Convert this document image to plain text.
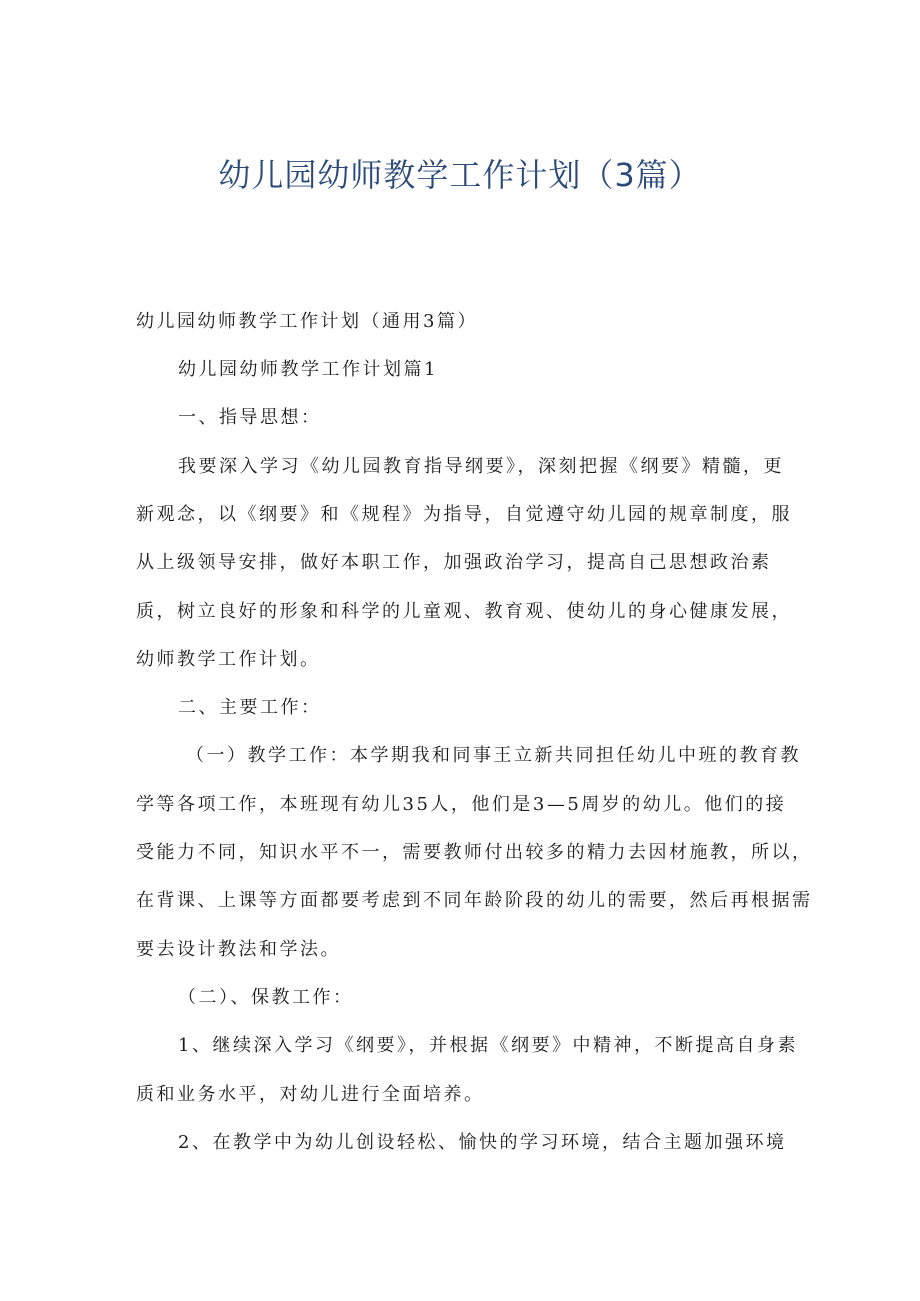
幼儿园幼师教学工作计划（3篇）
幼儿园幼师教学工作计划（通用3篇）
幼儿园幼师教学工作计划篇1
一、指导思想：
我要深入学习《幼儿园教育指导纲要》，深刻把握《纲要》精髓，更
新观念，以《纲要》和《规程》为指导，自觉遵守幼儿园的规章制度，服
从上级领导安排，做好本职工作，加强政治学习，提高自己思想政治素
质，树立良好的形象和科学的儿童观、教育观、使幼儿的身心健康发展，
幼师教学工作计划。
二、主要工作：
（一）教学工作：本学期我和同事王立新共同担任幼儿中班的教育教
学等各项工作，本班现有幼儿35人，他们是3—5周岁的幼儿。他们的接
受能力不同，知识水平不一，需要教师付出较多的精力去因材施教，所以，
在背课、上课等方面都要考虑到不同年龄阶段的幼儿的需要，然后再根据需
要去设计教法和学法。
（二）、保教工作：
1、继续深入学习《纲要》，并根据《纲要》中精神，不断提高自身素
质和业务水平，对幼儿进行全面培养。
2、在教学中为幼儿创设轻松、愉快的学习环境，结合主题加强环境
